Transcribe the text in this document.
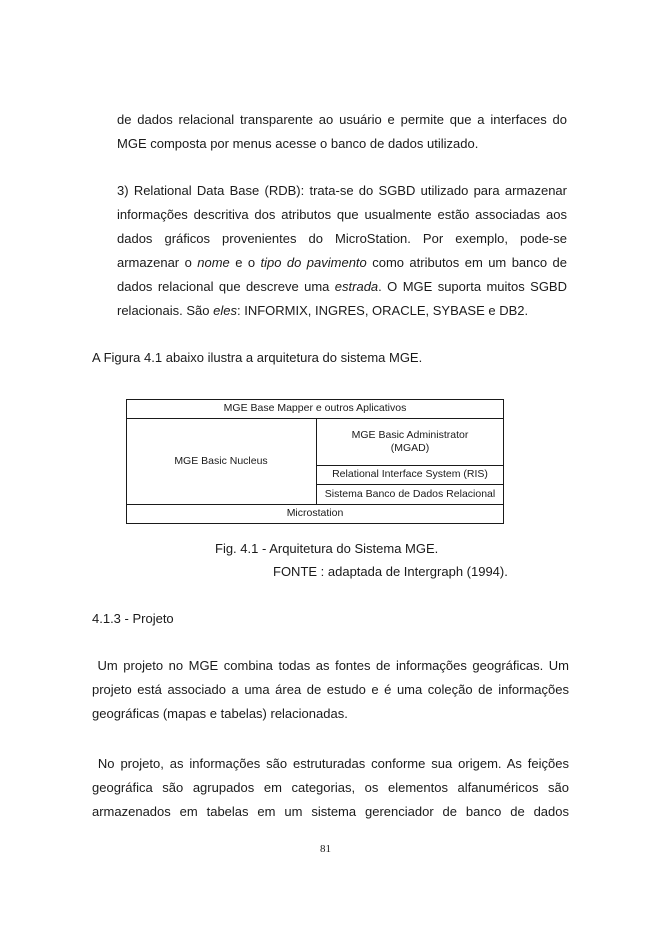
de dados relacional transparente ao usuário e permite que a interfaces do
MGE composta por menus acesse o banco de dados utilizado.

3) Relational Data Base (RDB): trata-se do SGBD utilizado para armazenar
informações descritiva dos atributos que usualmente estão associadas aos
dados gráficos provenientes do MicroStation. Por exemplo, pode-se
armazenar o nome e o tipo do pavimento como atributos em um banco de
dados relacional que descreve uma estrada. O MGE suporta muitos SGBD
relacionais. São eles: INFORMIX, INGRES, ORACLE, SYBASE e DB2.

A Figura 4.1 abaixo ilustra a arquitetura do sistema MGE.

MGE Base Mapper e outros Aplicativos
MGE Basic Nucleus
MGE Basic Administrator
(MGAD)
Relational Interface System (RIS)
Sistema Banco de Dados Relacional
Microstation
Fig. 4.1 - Arquitetura do Sistema MGE.
FONTE : adaptada de Intergraph (1994).
4.1.3 - Projeto

Um projeto no MGE combina todas as fontes de informações geográficas. Um
projeto está associado a uma área de estudo e é uma coleção de informações
geográficas (mapas e tabelas) relacionadas.

No projeto, as informações são estruturadas conforme sua origem. As feições
geográfica são agrupados em categorias, os elementos alfanuméricos são
armazenados em tabelas em um sistema gerenciador de banco de dados

81
